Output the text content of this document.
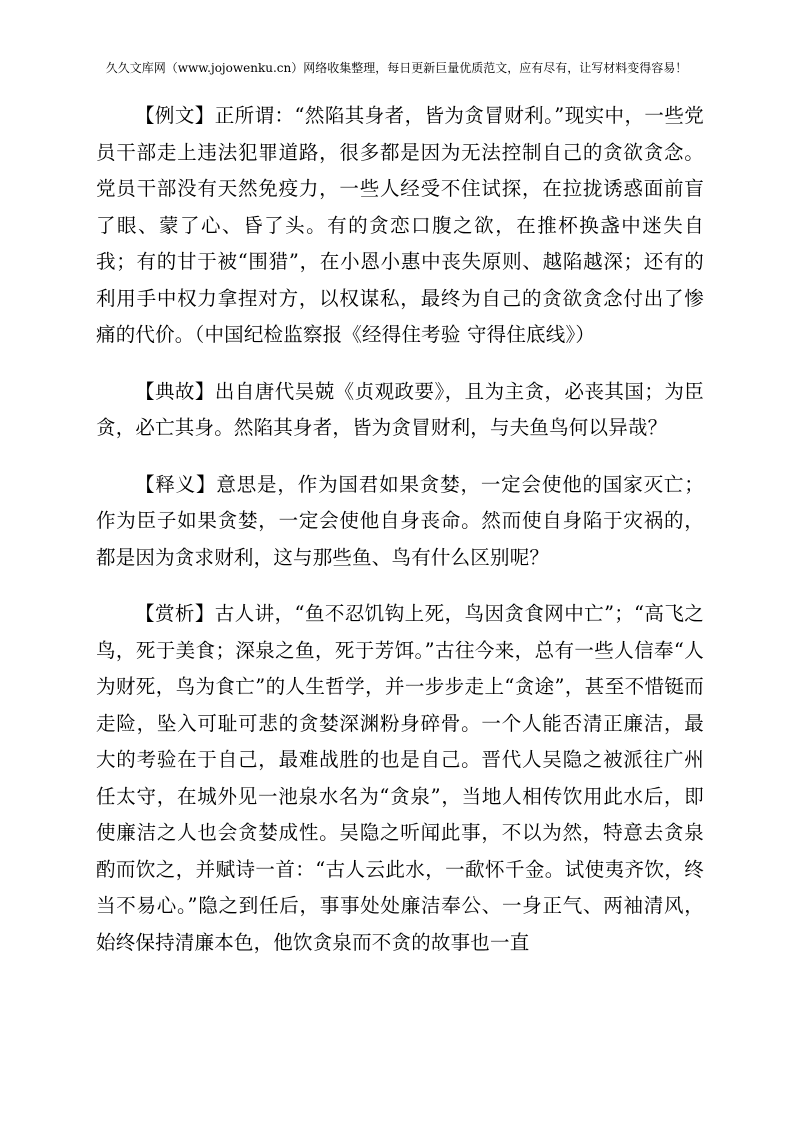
久久文库网（www.jojowenku.cn）网络收集整理，每日更新巨量优质范文，应有尽有，让写材料变得容易！

【例文】正所谓：“然陷其身者，皆为贪冒财利。”现实中，一些党员干部走上违法犯罪道路，很多都是因为无法控制自己的贪欲贪念。党员干部没有天然免疫力，一些人经受不住试探，在拉拢诱惑面前盲了眼、蒙了心、昏了头。有的贪恋口腹之欲，在推杯换盏中迷失自我；有的甘于被“围猎”，在小恩小惠中丧失原则、越陷越深；还有的利用手中权力拿捏对方，以权谋私，最终为自己的贪欲贪念付出了惨痛的代价。（中国纪检监察报《经得住考验 守得住底线》）

【典故】出自唐代吴兢《贞观政要》，且为主贪，必丧其国；为臣贪，必亡其身。然陷其身者，皆为贪冒财利，与夫鱼鸟何以异哉？

【释义】意思是，作为国君如果贪婪，一定会使他的国家灭亡；作为臣子如果贪婪，一定会使他自身丧命。然而使自身陷于灾祸的，都是因为贪求财利，这与那些鱼、鸟有什么区别呢？

【赏析】古人讲，“鱼不忍饥钩上死，鸟因贪食网中亡”；“高飞之鸟，死于美食；深泉之鱼，死于芳饵。”古往今来，总有一些人信奉“人为财死，鸟为食亡”的人生哲学，并一步步走上“贪途”，甚至不惜铤而走险，坠入可耻可悲的贪婪深渊粉身碎骨。一个人能否清正廉洁，最大的考验在于自己，最难战胜的也是自己。晋代人吴隐之被派往广州任太守，在城外见一池泉水名为“贪泉”，当地人相传饮用此水后，即使廉洁之人也会贪婪成性。吴隐之听闻此事，不以为然，特意去贪泉酌而饮之，并赋诗一首：“古人云此水，一歃怀千金。试使夷齐饮，终当不易心。”隐之到任后，事事处处廉洁奉公、一身正气、两袖清风，始终保持清廉本色，他饮贪泉而不贪的故事也一直
